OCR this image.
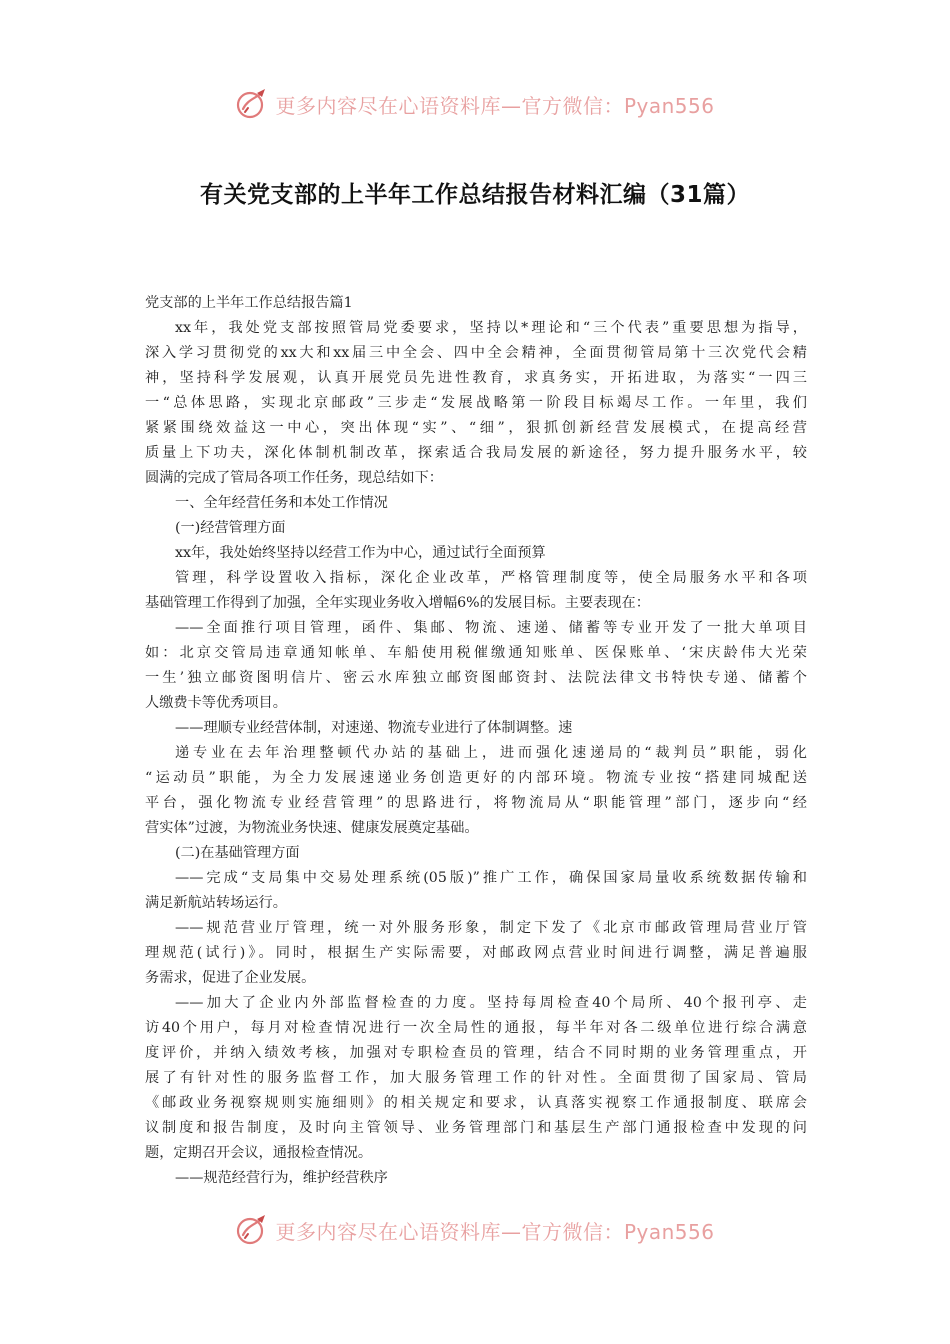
更多内容尽在心语资料库—官方微信：Pyan556
有关党支部的上半年工作总结报告材料汇编（31篇）
党支部的上半年工作总结报告篇1
xx年，我处党支部按照管局党委要求，坚持以*理论和“三个代表”重要思想为指导，
深入学习贯彻党的xx大和xx届三中全会、四中全会精神，全面贯彻管局第十三次党代会精
神，坚持科学发展观，认真开展党员先进性教育，求真务实，开拓进取，为落实“一四三
一“总体思路，实现北京邮政”三步走“发展战略第一阶段目标竭尽工作。一年里，我们
紧紧围绕效益这一中心，突出体现“实”、“细”，狠抓创新经营发展模式，在提高经营
质量上下功夫，深化体制机制改革，探索适合我局发展的新途径，努力提升服务水平，较
圆满的完成了管局各项工作任务，现总结如下：
一、全年经营任务和本处工作情况
(一)经营管理方面
xx年，我处始终坚持以经营工作为中心，通过试行全面预算
管理，科学设置收入指标，深化企业改革，严格管理制度等，使全局服务水平和各项
基础管理工作得到了加强，全年实现业务收入增幅6%的发展目标。主要表现在：
——全面推行项目管理，函件、集邮、物流、速递、储蓄等专业开发了一批大单项目
如：北京交管局违章通知帐单、车船使用税催缴通知账单、医保账单、‘宋庆龄伟大光荣
一生’独立邮资图明信片、密云水库独立邮资图邮资封、法院法律文书特快专递、储蓄个
人缴费卡等优秀项目。
——理顺专业经营体制，对速递、物流专业进行了体制调整。速
递专业在去年治理整顿代办站的基础上，进而强化速递局的“裁判员”职能，弱化
“运动员”职能，为全力发展速递业务创造更好的内部环境。物流专业按“搭建同城配送
平台，强化物流专业经营管理”的思路进行，将物流局从“职能管理”部门，逐步向“经
营实体”过渡，为物流业务快速、健康发展奠定基础。
(二)在基础管理方面
——完成“支局集中交易处理系统(05版)”推广工作，确保国家局量收系统数据传输和
满足新航站转场运行。
——规范营业厅管理，统一对外服务形象，制定下发了《北京市邮政管理局营业厅管
理规范(试行)》。同时，根据生产实际需要，对邮政网点营业时间进行调整，满足普遍服
务需求，促进了企业发展。
——加大了企业内外部监督检查的力度。坚持每周检查40个局所、40个报刊亭、走
访40个用户，每月对检查情况进行一次全局性的通报，每半年对各二级单位进行综合满意
度评价，并纳入绩效考核，加强对专职检查员的管理，结合不同时期的业务管理重点，开
展了有针对性的服务监督工作，加大服务管理工作的针对性。全面贯彻了国家局、管局
《邮政业务视察规则实施细则》的相关规定和要求，认真落实视察工作通报制度、联席会
议制度和报告制度，及时向主管领导、业务管理部门和基层生产部门通报检查中发现的问
题，定期召开会议，通报检查情况。
——规范经营行为，维护经营秩序
更多内容尽在心语资料库—官方微信：Pyan556
